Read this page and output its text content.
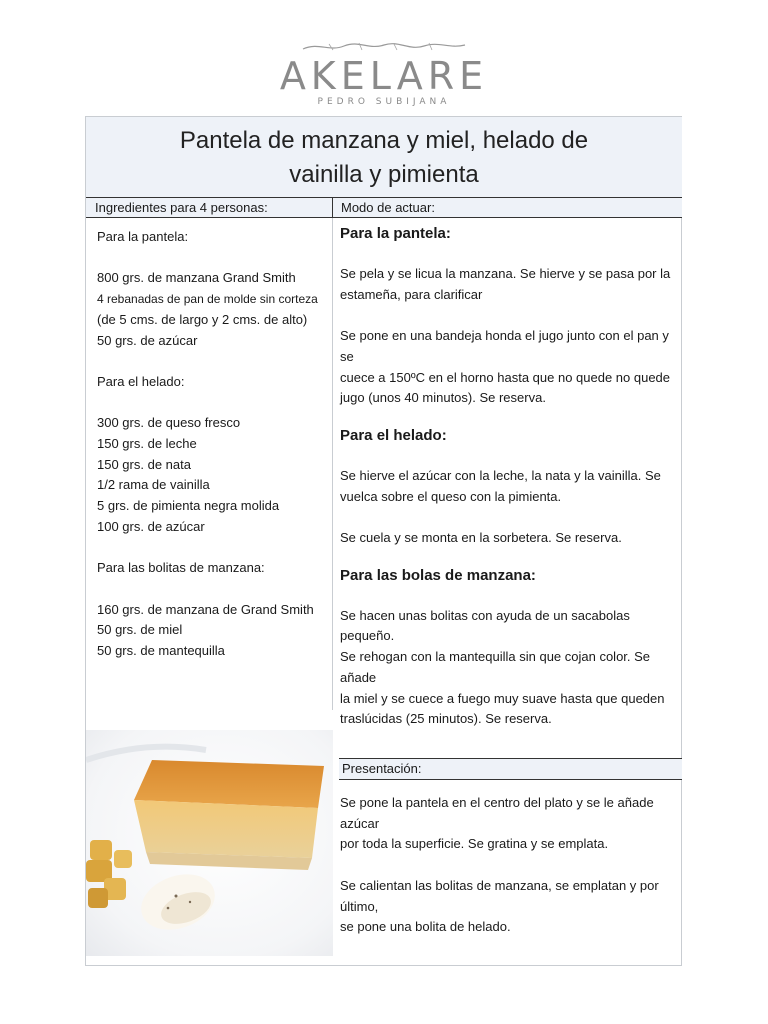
AKELARE
PEDRO SUBIJANA
Pantela de manzana y miel, helado de
vainilla y pimienta
Ingredientes para 4 personas:	Modo de actuar:

Para la pantela:

800 grs. de manzana Grand Smith

4 rebanadas de pan de molde sin corteza

(de 5 cms. de largo y 2 cms. de alto)

50 grs. de azúcar

Para el helado:

300 grs. de queso fresco

150 grs. de leche

150 grs. de nata

1/2 rama de vainilla

5 grs. de pimienta negra molida

100 grs. de azúcar

Para las bolitas de manzana:

160 grs. de manzana de Grand Smith

50 grs. de miel

50 grs. de mantequilla

Para la pantela:

Se pela y se licua la manzana. Se hierve y se pasa por la

estameña, para clarificar

Se pone en una bandeja honda el jugo junto con el pan y se

cuece a 150ºC en el horno hasta que no quede no quede

jugo (unos 40 minutos). Se reserva.

Para el helado:

Se hierve el azúcar con la leche, la nata y la vainilla. Se

vuelca sobre el queso con la pimienta.

Se cuela y se monta en la sorbetera. Se reserva.

Para las bolas de manzana:

Se hacen unas bolitas con ayuda de un sacabolas pequeño.

Se rehogan con la mantequilla sin que cojan color. Se añade

la miel y se cuece a fuego muy suave hasta que queden

traslúcidas (25 minutos). Se reserva.

Presentación:

Se pone la pantela en el centro del plato y se le añade azúcar

por toda la superficie. Se gratina y se emplata.

Se calientan las bolitas de manzana, se emplatan y por último,

se pone una bolita de helado.
